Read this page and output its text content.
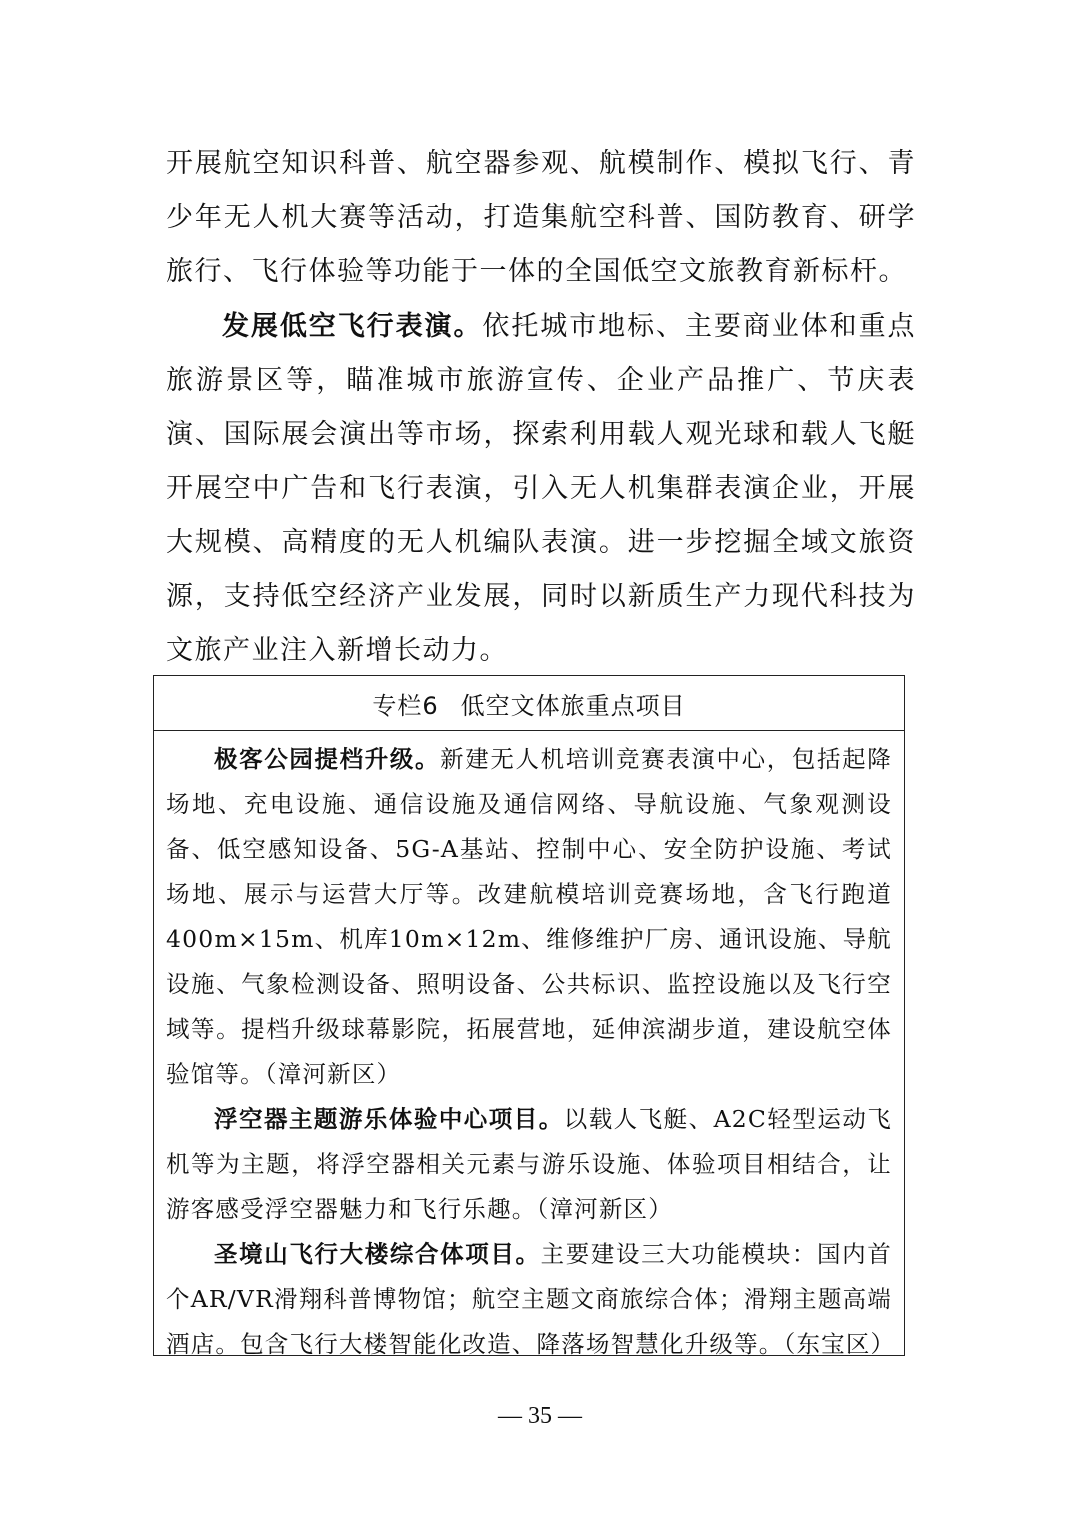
开展航空知识科普、航空器参观、航模制作、模拟飞行、青少年无人机大赛等活动，打造集航空科普、国防教育、研学旅行、飞行体验等功能于一体的全国低空文旅教育新标杆。

发展低空飞行表演。依托城市地标、主要商业体和重点旅游景区等，瞄准城市旅游宣传、企业产品推广、节庆表演、国际展会演出等市场，探索利用载人观光球和载人飞艇开展空中广告和飞行表演，引入无人机集群表演企业，开展大规模、高精度的无人机编队表演。进一步挖掘全域文旅资源，支持低空经济产业发展，同时以新质生产力现代科技为文旅产业注入新增长动力。

专栏6 低空文体旅重点项目

极客公园提档升级。新建无人机培训竞赛表演中心，包括起降场地、充电设施、通信设施及通信网络、导航设施、气象观测设备、低空感知设备、5G-A基站、控制中心、安全防护设施、考试场地、展示与运营大厅等。改建航模培训竞赛场地，含飞行跑道400m×15m、机库10m×12m、维修维护厂房、通讯设施、导航设施、气象检测设备、照明设备、公共标识、监控设施以及飞行空域等。提档升级球幕影院，拓展营地，延伸滨湖步道，建设航空体验馆等。（漳河新区）

浮空器主题游乐体验中心项目。以载人飞艇、A2C轻型运动飞机等为主题，将浮空器相关元素与游乐设施、体验项目相结合，让游客感受浮空器魅力和飞行乐趣。（漳河新区）

圣境山飞行大楼综合体项目。主要建设三大功能模块：国内首个AR/VR滑翔科普博物馆；航空主题文商旅综合体；滑翔主题高端酒店。包含飞行大楼智能化改造、降落场智慧化升级等。（东宝区）

— 35 —
